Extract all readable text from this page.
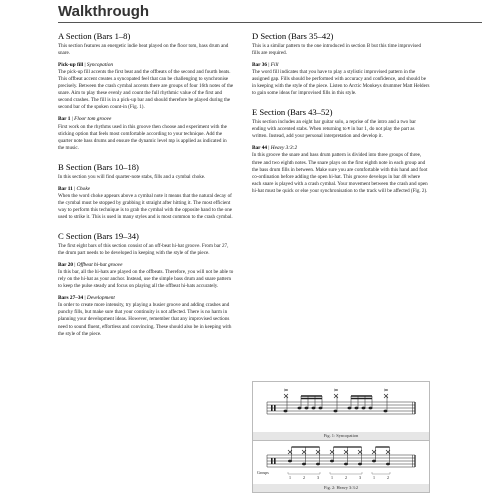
Walkthrough
A Section (Bars 1–8)

This section features an energetic indie beat played on the floor tom, bass drum and snare.

Pick-up fill | Syncopation

The pick-up fill accents the first beat and the offbeats of the second and fourth beats. This offbeat accent creates a syncopated feel that can be challenging to synchronise precisely. Between the crash cymbal accents there are groups of four 16th notes of the snare. Aim to play these evenly and count the full rhythmic value of the first and second crashes. The fill is in a pick-up bar and should therefore be played during the second bar of the spoken count-in (Fig. 1).

Bar 1 | Floor tom groove

First work on the rhythms used in this groove then choose and experiment with the sticking option that feels most comfortable according to your technique. Add the quarter note bass drums and ensure the dynamic level mp is applied as indicated in the music.

B Section (Bars 10–18)

In this section you will find quarter-note stabs, fills and a cymbal choke.

Bar 11 | Choke

When the word choke appears above a cymbal note it means that the natural decay of the cymbal must be stopped by grabbing it straight after hitting it. The most efficient way to perform this technique is to grab the cymbal with the opposite hand to the one used to strike it. This is used in many styles and is most common to the crash cymbal.

C Section (Bars 19–34)

The first eight bars of this section consist of an off-beat hi-hat groove. From bar 27, the drum part needs to be developed in keeping with the style of the piece.

Bar 20 | Offbeat hi-hat groove

In this bar, all the hi-hats are played on the offbeats. Therefore, you will not be able to rely on the hi-hat as your anchor. Instead, use the simple bass drum and snare pattern to keep the pulse steady and focus on playing all the offbeat hi-hats accurately.

Bars 27–34 | Development

In order to create more intensity, try playing a busier groove and adding crashes and punchy fills, but make sure that your continuity is not affected. There is no harm in planning your development ideas. However, remember that any improvised sections need to sound fluent, effortless and convincing. These should also be in keeping with the style of the piece.

D Section (Bars 35–42)

This is a similar pattern to the one introduced in section B but this time improvised fills are required.

Bar 36 | Fill

The word fill indicates that you have to play a stylistic improvised pattern in the assigned gap. Fills should be performed with accuracy and confidence, and should be in keeping with the style of the piece. Listen to Arctic Monkeys drummer Matt Helders to gain some ideas for improvised fills in this style.

E Section (Bars 43–52)

This section includes an eight bar guitar solo, a reprise of the intro and a two bar ending with accented stabs. When returning to 𝄋 in bar 1, do not play the part as written. Instead, add your personal interpretation and develop it.

Bar 44 | Heavy 3:3:2

In this groove the snare and bass drum pattern is divided into three groups of three, three and two eighth notes. The snare plays on the first eighth note in each group and the bass drum fills in between. Make sure you are comfortable with this hand and foot co-ordination before adding the open hi-hat. This groove develops in bar 48 where each snare is played with a crash cymbal. Your movement between the crash and open hi-hat must be quick or else your synchronisation to the track will be affected (Fig. 2).

Fig. 1: Syncopation
Groups
1	2	3	1	2	3	1	2
Fig. 2: Heavy 3:3:2
